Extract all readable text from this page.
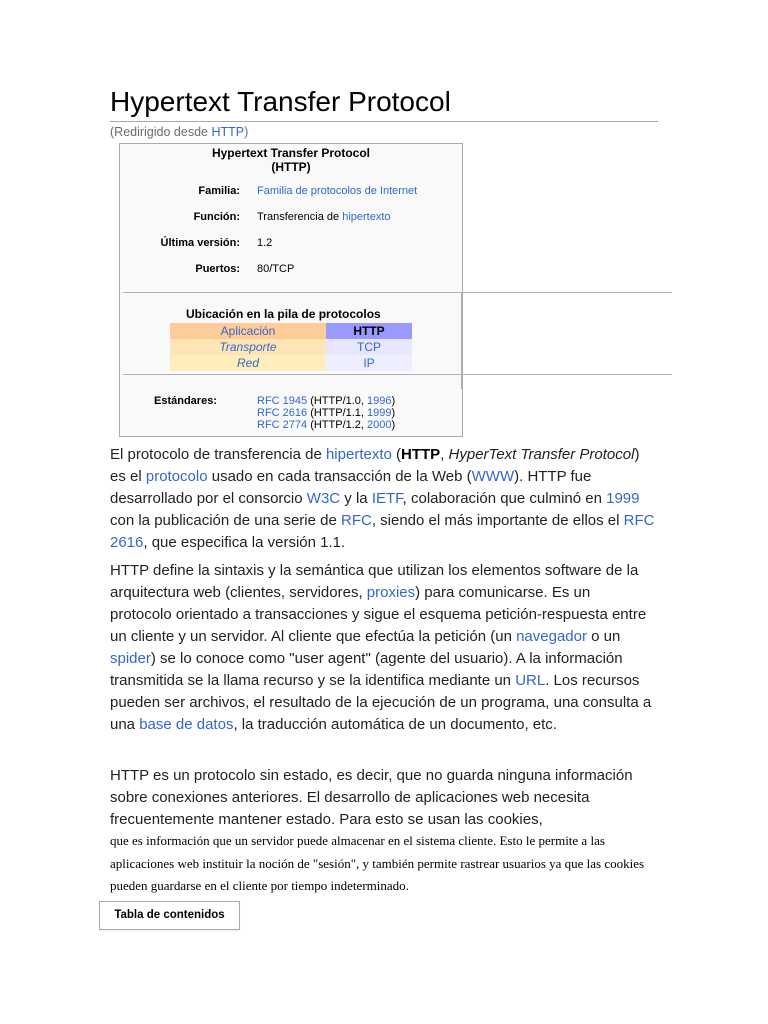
Hypertext Transfer Protocol
(Redirigido desde HTTP)
Hypertext Transfer Protocol
(HTTP)
Familia: Familia de protocolos de Internet
Función: Transferencia de hipertexto
Última versión: 1.2
Puertos: 80/TCP
Ubicación en la pila de protocolos
Aplicación	HTTP
Transporte	TCP
Red	IP
Estándares:	RFC 1945 (HTTP/1.0, 1996)
RFC 2616 (HTTP/1.1, 1999)
RFC 2774 (HTTP/1.2, 2000)
El protocolo de transferencia de hipertexto (HTTP, HyperText Transfer Protocol) es el protocolo usado en cada transacción de la Web (WWW). HTTP fue desarrollado por el consorcio W3C y la IETF, colaboración que culminó en 1999 con la publicación de una serie de RFC, siendo el más importante de ellos el RFC 2616, que especifica la versión 1.1.
HTTP define la sintaxis y la semántica que utilizan los elementos software de la arquitectura web (clientes, servidores, proxies) para comunicarse. Es un protocolo orientado a transacciones y sigue el esquema petición-respuesta entre un cliente y un servidor. Al cliente que efectúa la petición (un navegador o un spider) se lo conoce como "user agent" (agente del usuario). A la información transmitida se la llama recurso y se la identifica mediante un URL. Los recursos pueden ser archivos, el resultado de la ejecución de un programa, una consulta a una base de datos, la traducción automática de un documento, etc.
HTTP es un protocolo sin estado, es decir, que no guarda ninguna información sobre conexiones anteriores. El desarrollo de aplicaciones web necesita frecuentemente mantener estado. Para esto se usan las cookies,
que es información que un servidor puede almacenar en el sistema cliente. Esto le permite a las aplicaciones web instituir la noción de "sesión", y también permite rastrear usuarios ya que las cookies pueden guardarse en el cliente por tiempo indeterminado.
Tabla de contenidos
